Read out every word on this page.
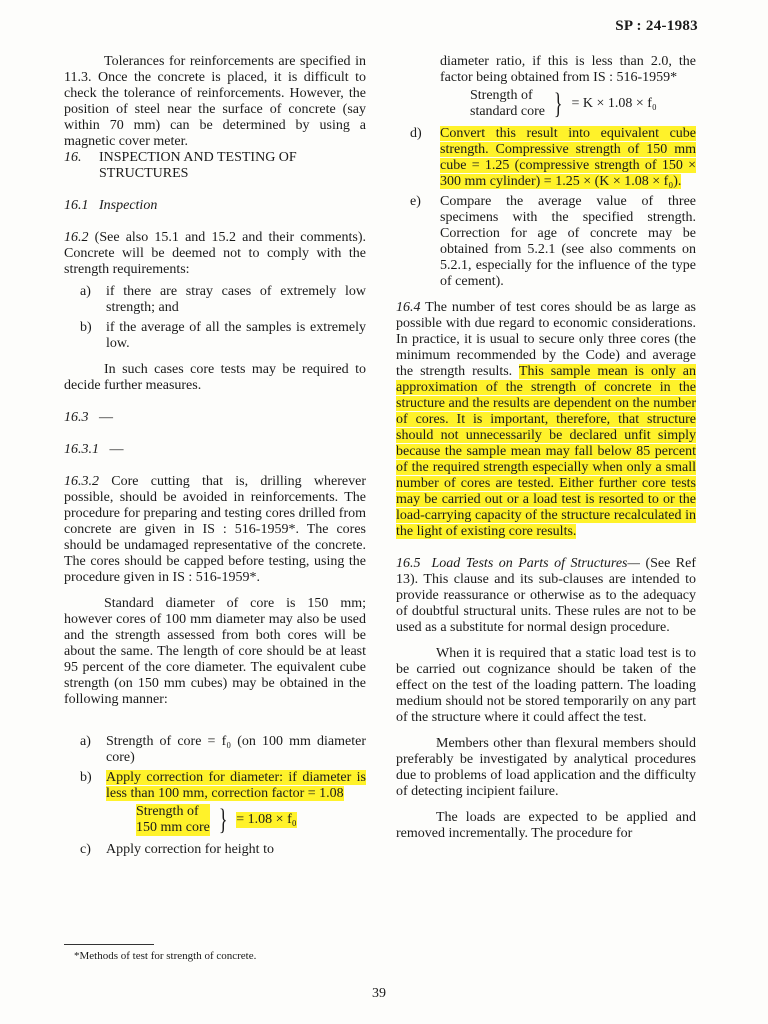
SP : 24-1983

Tolerances for reinforcements are specified in 11.3. Once the concrete is placed, it is difficult to check the tolerance of reinforcements. However, the position of steel near the surface of concrete (say within 70 mm) can be determined by using a magnetic cover meter.

16.	INSPECTION AND TESTING OF STRUCTURES

16.1 Inspection

16.2 (See also 15.1 and 15.2 and their comments). Concrete will be deemed not to comply with the strength requirements:

a)	if there are stray cases of extremely low strength; and
b)	if the average of all the samples is extremely low.

In such cases core tests may be required to decide further measures.

16.3 —

16.3.1 —

16.3.2 Core cutting that is, drilling wherever possible, should be avoided in reinforcements. The procedure for preparing and testing cores drilled from concrete are given in IS : 516-1959*. The cores should be undamaged representative of the concrete. The cores should be capped before testing, using the procedure given in IS : 516-1959*.

Standard diameter of core is 150 mm; however cores of 100 mm diameter may also be used and the strength assessed from both cores will be about the same. The length of core should be at least 95 percent of the core diameter. The equivalent cube strength (on 150 mm cubes) may be obtained in the following manner:

a)	Strength of core = f₀ (on 100 mm diameter core)
b)	Apply correction for diameter: if diameter is less than 100 mm, correction factor = 1.08
Strength of
150 mm core } = 1.08 × f₀
c)	Apply correction for height to
*Methods of test for strength of concrete.
diameter ratio, if this is less than 2.0, the factor being obtained from IS : 516-1959*
Strength of
standard core } = K × 1.08 × f₀
d)	Convert this result into equivalent cube strength. Compressive strength of 150 mm cube = 1.25 (compressive strength of 150 × 300 mm cylinder) = 1.25 × (K × 1.08 × f₀).
e)	Compare the average value of three specimens with the specified strength. Correction for age of concrete may be obtained from 5.2.1 (see also comments on 5.2.1, especially for the influence of the type of cement).

16.4 The number of test cores should be as large as possible with due regard to economic considerations. In practice, it is usual to secure only three cores (the minimum recommended by the Code) and average the strength results. This sample mean is only an approximation of the strength of concrete in the structure and the results are dependent on the number of cores. It is important, therefore, that structure should not unnecessarily be declared unfit simply because the sample mean may fall below 85 percent of the required strength especially when only a small number of cores are tested. Either further core tests may be carried out or a load test is resorted to or the load-carrying capacity of the structure recalculated in the light of existing core results.

16.5 Load Tests on Parts of Structures— (See Ref 13). This clause and its sub-clauses are intended to provide reassurance or otherwise as to the adequacy of doubtful structural units. These rules are not to be used as a substitute for normal design procedure.

When it is required that a static load test is to be carried out cognizance should be taken of the effect on the test of the loading pattern. The loading medium should not be stored temporarily on any part of the structure where it could affect the test.

Members other than flexural members should preferably be investigated by analytical procedures due to problems of load application and the difficulty of detecting incipient failure.

The loads are expected to be applied and removed incrementally. The procedure for

39
